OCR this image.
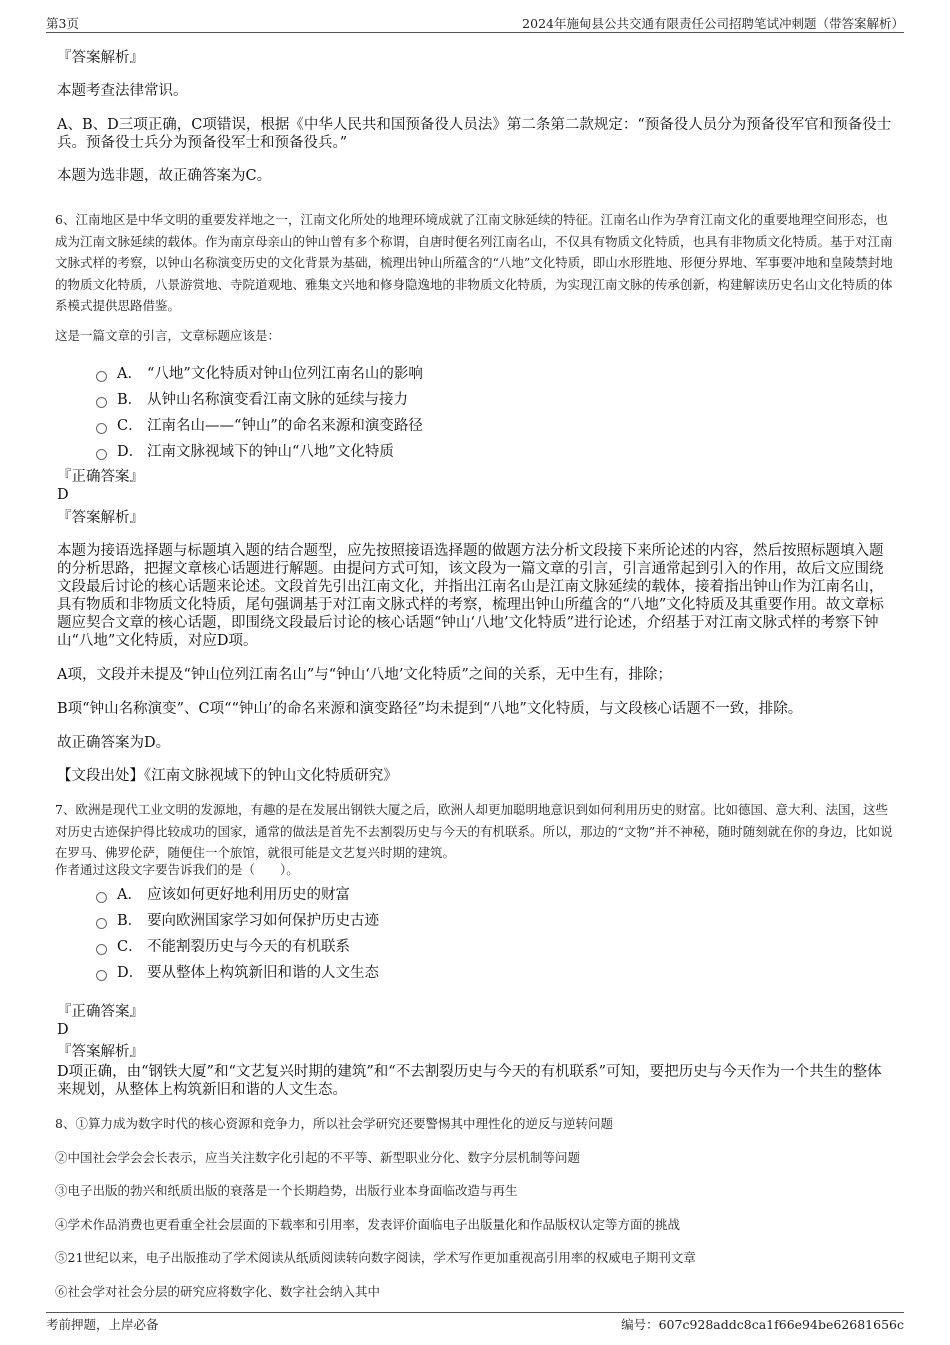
第3页	2024年施甸县公共交通有限责任公司招聘笔试冲刺题（带答案解析）
『答案解析』
本题考查法律常识。
A、B、D三项正确，C项错误，根据《中华人民共和国预备役人员法》第二条第二款规定：“预备役人员分为预备役军官和预备役士兵。预备役士兵分为预备役军士和预备役兵。”
本题为选非题，故正确答案为C。
6、江南地区是中华文明的重要发祥地之一，江南文化所处的地理环境成就了江南文脉延续的特征。江南名山作为孕育江南文化的重要地理空间形态，也成为江南文脉延续的载体。作为南京母亲山的钟山曾有多个称谓，自唐时便名列江南名山，不仅具有物质文化特质，也具有非物质文化特质。基于对江南文脉式样的考察，以钟山名称演变历史的文化背景为基础，梳理出钟山所蕴含的“八地”文化特质，即山水形胜地、形便分界地、军事要冲地和皇陵禁封地的物质文化特质，八景游赏地、寺院道观地、雅集文兴地和修身隐逸地的非物质文化特质，为实现江南文脉的传承创新，构建解读历史名山文化特质的体系模式提供思路借鉴。
这是一篇文章的引言，文章标题应该是：
A． “八地”文化特质对钟山位列江南名山的影响
B． 从钟山名称演变看江南文脉的延续与接力
C． 江南名山——“钟山”的命名来源和演变路径
D． 江南文脉视域下的钟山“八地”文化特质
『正确答案』
D
『答案解析』
本题为接语选择题与标题填入题的结合题型，应先按照接语选择题的做题方法分析文段接下来所论述的内容，然后按照标题填入题的分析思路，把握文章核心话题进行解题。由提问方式可知，该文段为一篇文章的引言，引言通常起到引入的作用，故后文应围绕文段最后讨论的核心话题来论述。文段首先引出江南文化，并指出江南名山是江南文脉延续的载体，接着指出钟山作为江南名山，具有物质和非物质文化特质，尾句强调基于对江南文脉式样的考察，梳理出钟山所蕴含的“八地”文化特质及其重要作用。故文章标题应契合文章的核心话题，即围绕文段最后讨论的核心话题“钟山‘八地’文化特质”进行论述，介绍基于对江南文脉式样的考察下钟山“八地”文化特质，对应D项。
A项，文段并未提及“钟山位列江南名山”与“钟山‘八地’文化特质”之间的关系，无中生有，排除；
B项“钟山名称演变”、C项““钟山’的命名来源和演变路径”均未提到“八地”文化特质，与文段核心话题不一致，排除。
故正确答案为D。
【文段出处】《江南文脉视域下的钟山文化特质研究》
7、欧洲是现代工业文明的发源地，有趣的是在发展出钢铁大厦之后，欧洲人却更加聪明地意识到如何利用历史的财富。比如德国、意大利、法国，这些对历史古迹保护得比较成功的国家，通常的做法是首先不去割裂历史与今天的有机联系。所以，那边的“文物”并不神秘，随时随刻就在你的身边，比如说在罗马、佛罗伦萨，随便住一个旅馆，就很可能是文艺复兴时期的建筑。
作者通过这段文字要告诉我们的是（　　）。
A． 应该如何更好地利用历史的财富
B． 要向欧洲国家学习如何保护历史古迹
C． 不能割裂历史与今天的有机联系
D． 要从整体上构筑新旧和谐的人文生态
『正确答案』
D
『答案解析』
D项正确，由“钢铁大厦”和“文艺复兴时期的建筑”和“不去割裂历史与今天的有机联系”可知，要把历史与今天作为一个共生的整体来规划，从整体上构筑新旧和谐的人文生态。
8、①算力成为数字时代的核心资源和竞争力，所以社会学研究还要警惕其中理性化的逆反与逆转问题
②中国社会学会会长表示，应当关注数字化引起的不平等、新型职业分化、数字分层机制等问题
③电子出版的勃兴和纸质出版的衰落是一个长期趋势，出版行业本身面临改造与再生
④学术作品消费也更看重全社会层面的下载率和引用率，发表评价面临电子出版量化和作品版权认定等方面的挑战
⑤21世纪以来，电子出版推动了学术阅读从纸质阅读转向数字阅读，学术写作更加重视高引用率的权威电子期刊文章
⑥社会学对社会分层的研究应将数字化、数字社会纳入其中
考前押题，上岸必备	编号：607c928addc8ca1f66e94be62681656c
